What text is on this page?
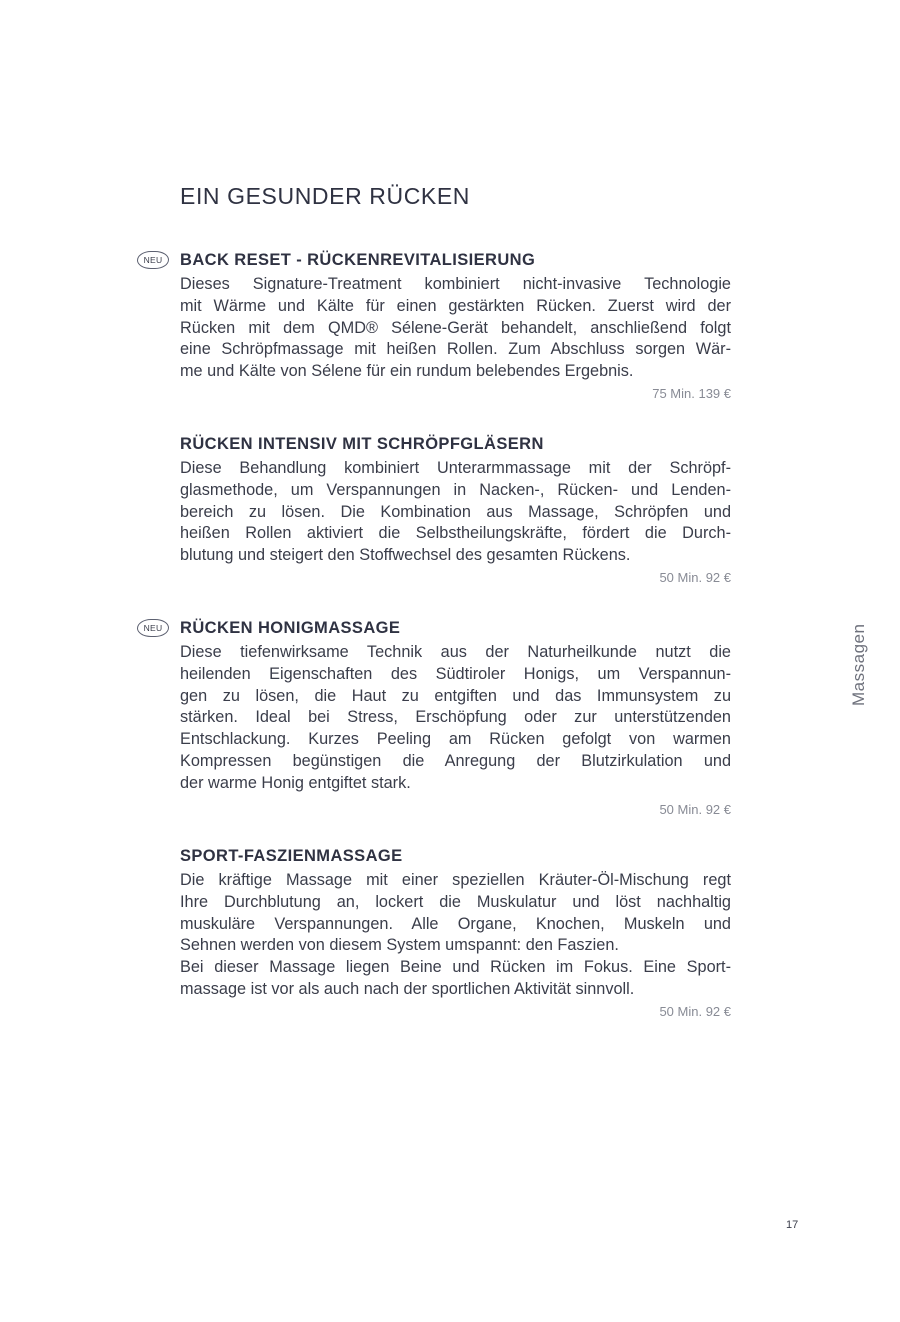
EIN GESUNDER RÜCKEN
NEU	BACK RESET - RÜCKENREVITALISIERUNG

Dieses Signature-Treatment kombiniert nicht-invasive Technologie
mit Wärme und Kälte für einen gestärkten Rücken. Zuerst wird der
Rücken mit dem QMD® Sélene-Gerät behandelt, anschließend folgt
eine Schröpfmassage mit heißen Rollen. Zum Abschluss sorgen Wär-
me und Kälte von Sélene für ein rundum belebendes Ergebnis.

75 Min. 139 €
RÜCKEN INTENSIV MIT SCHRÖPFGLÄSERN

Diese Behandlung kombiniert Unterarmmassage mit der Schröpf-
glasmethode, um Verspannungen in Nacken-, Rücken- und Lenden-
bereich zu lösen. Die Kombination aus Massage, Schröpfen und
heißen Rollen aktiviert die Selbstheilungskräfte, fördert die Durch-
blutung und steigert den Stoffwechsel des gesamten Rückens.

50 Min. 92 €
NEU	RÜCKEN HONIGMASSAGE

Diese tiefenwirksame Technik aus der Naturheilkunde nutzt die
heilenden Eigenschaften des Südtiroler Honigs, um Verspannun-
gen zu lösen, die Haut zu entgiften und das Immunsystem zu
stärken. Ideal bei Stress, Erschöpfung oder zur unterstützenden
Entschlackung. Kurzes Peeling am Rücken gefolgt von warmen
Kompressen begünstigen die Anregung der Blutzirkulation und
der warme Honig entgiftet stark.

50 Min. 92 €
SPORT-FASZIENMASSAGE

Die kräftige Massage mit einer speziellen Kräuter-Öl-Mischung regt
Ihre Durchblutung an, lockert die Muskulatur und löst nachhaltig
muskuläre Verspannungen. Alle Organe, Knochen, Muskeln und
Sehnen werden von diesem System umspannt: den Faszien.
Bei dieser Massage liegen Beine und Rücken im Fokus. Eine Sport-
massage ist vor als auch nach der sportlichen Aktivität sinnvoll.

50 Min. 92 €
Massagen
17
